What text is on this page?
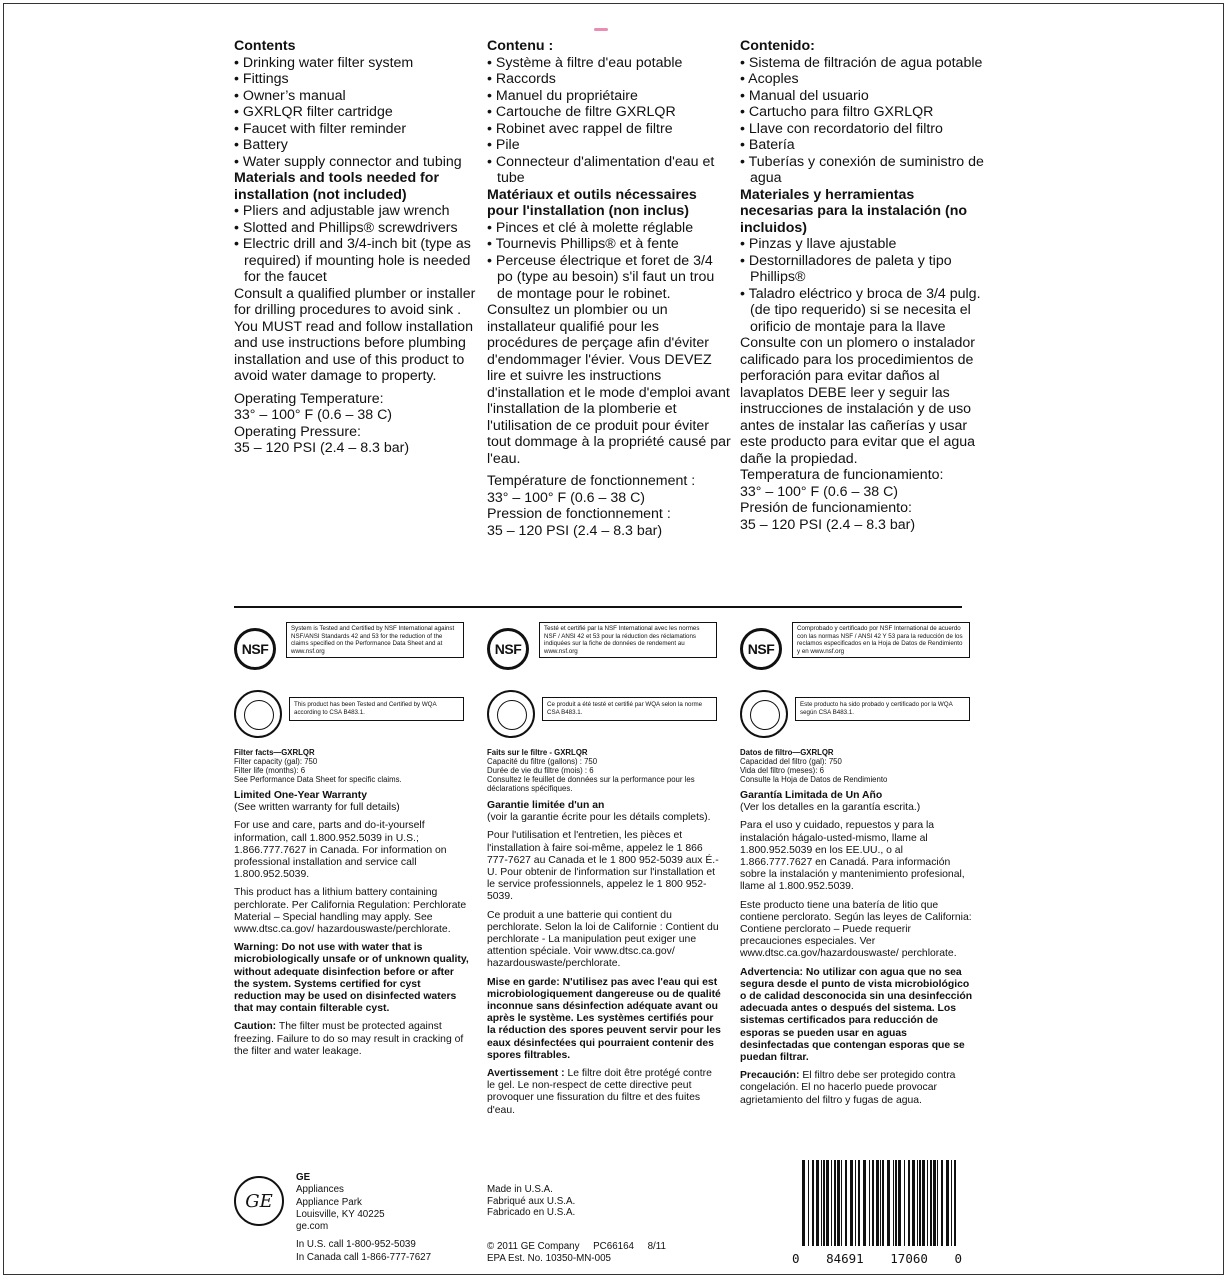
Contents
• Drinking water filter system
• Fittings
• Owner’s manual
• GXRLQR filter cartridge
• Faucet with filter reminder
• Battery
• Water supply connector and tubing
Materials and tools needed for installation (not included)
• Pliers and adjustable jaw wrench
• Slotted and Phillips® screwdrivers
• Electric drill and 3/4-inch bit (type as required) if mounting hole is needed for the faucet

Consult a qualified plumber or installer for drilling procedures to avoid sink . You MUST read and follow installation and use instructions before plumbing installation and use of this product to avoid water damage to property.

Operating Temperature:

33° – 100° F (0.6 – 38 C)

Operating Pressure:

35 – 120 PSI (2.4 – 8.3 bar)

Contenu :
• Système à filtre d'eau potable
• Raccords
• Manuel du propriétaire
• Cartouche de filtre GXRLQR
• Robinet avec rappel de filtre
• Pile
• Connecteur d'alimentation d'eau et tube
Matériaux et outils nécessaires pour l'installation (non inclus)
• Pinces et clé à molette réglable
• Tournevis Phillips® et à fente
• Perceuse électrique et foret de 3/4 po (type au besoin) s'il faut un trou de montage pour le robinet.

Consultez un plombier ou un installateur qualifié pour les procédures de perçage afin d'éviter d'endommager l'évier. Vous DEVEZ lire et suivre les instructions d'installation et le mode d'emploi avant l'installation de la plomberie et l'utilisation de ce produit pour éviter tout dommage à la propriété causé par l'eau.

Température de fonctionnement :

33° – 100° F (0.6 – 38 C)

Pression de fonctionnement :

35 – 120 PSI (2.4 – 8.3 bar)

Contenido:
• Sistema de filtración de agua potable
• Acoples
• Manual del usuario
• Cartucho para filtro GXRLQR
• Llave con recordatorio del filtro
• Batería
• Tuberías y conexión de suministro de agua
Materiales y herramientas necesarias para la instalación (no incluidos)
• Pinzas y llave ajustable
• Destornilladores de paleta y tipo Phillips®
• Taladro eléctrico y broca de 3/4 pulg. (de tipo requerido) si se necesita el orificio de montaje para la llave

Consulte con un plomero o instalador calificado para los procedimientos de perforación para evitar daños al lavaplatos DEBE leer y seguir las instrucciones de instalación y de uso antes de instalar las cañerías y usar este producto para evitar que el agua dañe la propiedad.

Temperatura de funcionamiento:

33° – 100° F (0.6 – 38 C)

Presión de funcionamiento:

35 – 120 PSI (2.4 – 8.3 bar)

NSF
System is Tested and Certified by NSF International against NSF/ANSI Standards 42 and 53 for the reduction of the claims specified on the Performance Data Sheet and at www.nsf.org
This product has been Tested and Certified by WQA according to CSA B483.1.
Filter facts—GXRLQR
Filter capacity (gal): 750
Filter life (months): 6
See Performance Data Sheet for specific claims.
NSF
Testé et certifié par la NSF International avec les normes NSF / ANSI 42 et 53 pour la réduction des réclamations indiquées sur la fiche de données de rendement au www.nsf.org
Ce produit a été testé et certifié par WQA selon la norme CSA B483.1.
Faits sur le filtre - GXRLQR
Capacité du filtre (gallons) : 750
Durée de vie du filtre (mois) : 6
Consultez le feuillet de données sur la performance pour les déclarations spécifiques.
NSF
Comprobado y certificado por NSF International de acuerdo con las normas NSF / ANSI 42 Y 53 para la reducción de los reclamos especificados en la Hoja de Datos de Rendimiento y en www.nsf.org
Este producto ha sido probado y certificado por la WQA según CSA B483.1.
Datos de filtro—GXRLQR
Capacidad del filtro (gal): 750
Vida del filtro (meses): 6
Consulte la Hoja de Datos de Rendimiento
Limited One-Year Warranty

(See written warranty for full details)

For use and care, parts and do-it-yourself information, call 1.800.952.5039 in U.S.; 1.866.777.7627 in Canada. For information on professional installation and service call 1.800.952.5039.

This product has a lithium battery containing perchlorate. Per California Regulation: Perchlorate Material – Special handling may apply. See www.dtsc.ca.gov/ hazardouswaste/perchlorate.

Warning: Do not use with water that is microbiologically unsafe or of unknown quality, without adequate disinfection before or after the system. Systems certified for cyst reduction may be used on disinfected waters that may contain filterable cyst.

Caution: The filter must be protected against freezing. Failure to do so may result in cracking of the filter and water leakage.

Garantie limitée d'un an

(voir la garantie écrite pour les détails complets).

Pour l'utilisation et l'entretien, les pièces et l'installation à faire soi-même, appelez le 1 866 777-7627 au Canada et le 1 800 952-5039 aux É.-U. Pour obtenir de l'information sur l'installation et le service professionnels, appelez le 1 800 952-5039.

Ce produit a une batterie qui contient du perchlorate. Selon la loi de Californie : Contient du perchlorate - La manipulation peut exiger une attention spéciale. Voir www.dtsc.ca.gov/ hazardouswaste/perchlorate.

Mise en garde: N'utilisez pas avec l'eau qui est microbiologiquement dangereuse ou de qualité inconnue sans désinfection adéquate avant ou après le système. Les systèmes certifiés pour la réduction des spores peuvent servir pour les eaux désinfectées qui pourraient contenir des spores filtrables.

Avertissement : Le filtre doit être protégé contre le gel. Le non-respect de cette directive peut provoquer une fissuration du filtre et des fuites d'eau.

Garantía Limitada de Un Año

(Ver los detalles en la garantía escrita.)

Para el uso y cuidado, repuestos y para la instalación hágalo-usted-mismo, llame al 1.800.952.5039 en los EE.UU., o al 1.866.777.7627 en Canadá. Para información sobre la instalación y mantenimiento profesional, llame al 1.800.952.5039.

Este producto tiene una batería de litio que contiene perclorato. Según las leyes de California: Contiene perclorato – Puede requerir precauciones especiales. Ver www.dtsc.ca.gov/hazardouswaste/ perchlorate.

Advertencia: No utilizar con agua que no sea segura desde el punto de vista microbiológico o de calidad desconocida sin una desinfección adecuada antes o después del sistema. Los sistemas certificados para reducción de esporas se pueden usar en aguas desinfectadas que contengan esporas que se puedan filtrar.

Precaución: El filtro debe ser protegido contra congelación. El no hacerlo puede provocar agrietamiento del filtro y fugas de agua.

GE
GE
Appliances
Appliance Park
Louisville, KY 40225
ge.com
In U.S. call 1-800-952-5039
In Canada call 1-866-777-7627
Made in U.S.A.
Fabriqué aux U.S.A.
Fabricado en U.S.A.
© 2011 GE Company     PC66164     8/11
EPA Est. No. 10350-MN-005	0 84691 17060 0
